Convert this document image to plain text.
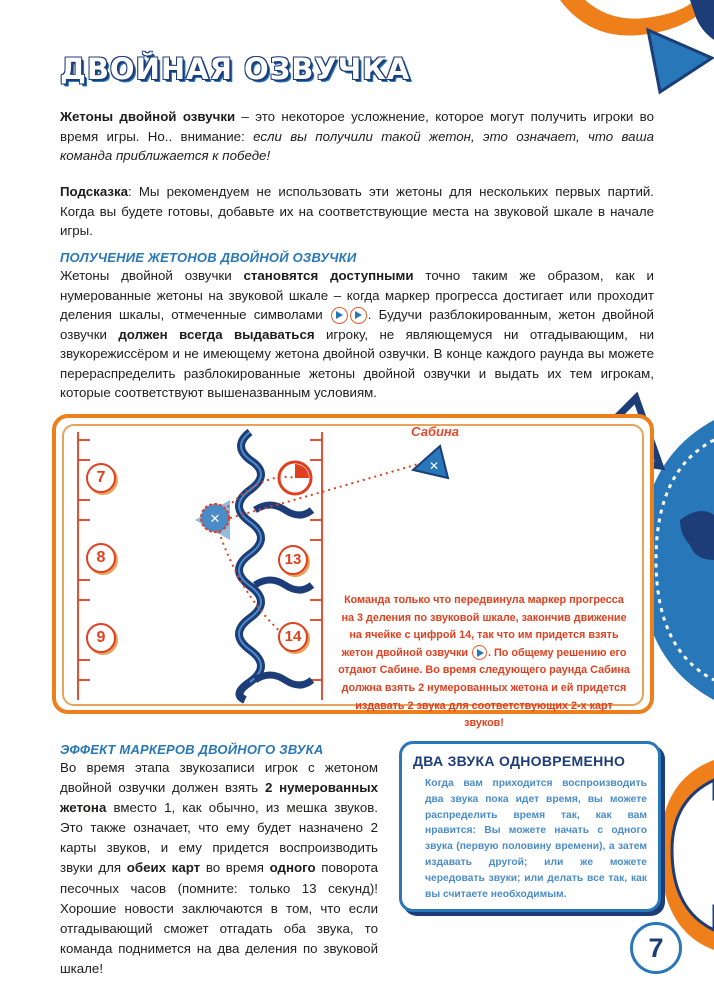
ДВОЙНАЯ ОЗВУЧКА

Жетоны двойной озвучки – это некоторое усложнение, которое могут получить игроки во время игры. Но.. внимание: если вы получили такой жетон, это означает, что ваша команда приближается к победе!

Подсказка: Мы рекомендуем не использовать эти жетоны для нескольких первых партий. Когда вы будете готовы, добавьте их на соответствующие места на звуковой шкале в начале игры.

ПОЛУЧЕНИЕ ЖЕТОНОВ ДВОЙНОЙ ОЗВУЧКИ

Жетоны двойной озвучки становятся доступными точно таким же образом, как и нумерованные жетоны на звуковой шкале – когда маркер прогресса достигает или проходит деления шкалы, отмеченные символами	. Будучи разблокированным, жетон двойной озвучки должен всегда выдаваться игроку, не являющемуся ни отгадывающим, ни звукорежиссёром и не имеющему жетона двойной озвучки. В конце каждого раунда вы можете перераспределить разблокированные жетоны двойной озвучки и выдать их тем игрокам, которые соответствуют вышеназванным условиям.

✕
✕
7
8
9
13
14
Сабина

Команда только что передвинула маркер прогресса на 3 деления по звуковой шкале, закончив движение на ячейке с цифрой 14, так что им придется взять жетон двойной озвучки . По общему решению его отдают Сабине. Во время следующего раунда Сабина должна взять 2 нумерованных жетона и ей придется издавать 2 звука для соответствующих 2-х карт звуков!

ЭФФЕКТ МАРКЕРОВ ДВОЙНОГО ЗВУКА

Во время этапа звукозаписи игрок с жетоном двойной озвучки должен взять 2 нумерованных жетона вместо 1, как обычно, из мешка звуков. Это также означает, что ему будет назначено 2 карты звуков, и ему придется воспроизводить звуки для обеих карт во время одного поворота песочных часов (помните: только 13 секунд)! Хорошие новости заключаются в том, что если отгадывающий сможет отгадать оба звука, то команда поднимется на два деления по звуковой шкале!

ДВА ЗВУКА ОДНОВРЕМЕННО

Когда вам приходится воспроизводить два звука пока идет время, вы можете распределить время так, как вам нравится: Вы можете начать с одного звука (первую половину времени), а затем издавать другой; или же можете чередовать звуки; или делать все так, как вы считаете необходимым.

7
